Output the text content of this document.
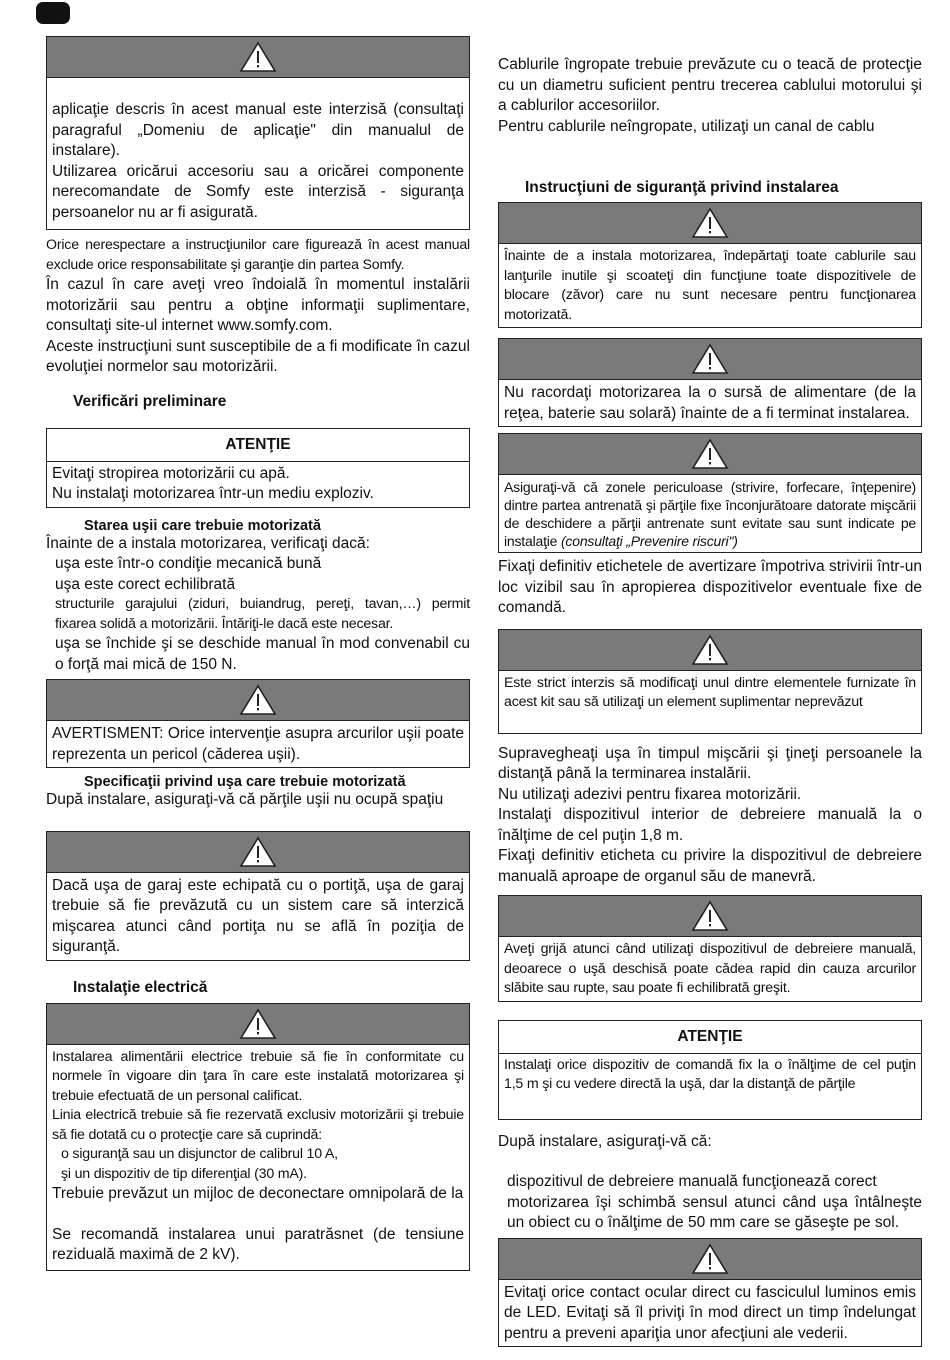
aplicaţie descris în acest manual este interzisă (consultaţi paragraful „Domeniu de aplicaţie" din manualul de instalare).

Utilizarea oricărui accesoriu sau a oricărei componente nerecomandate de Somfy este interzisă - siguranţa persoanelor nu ar fi asigurată.

Orice nerespectare a instrucţiunilor care figurează în acest manual exclude orice responsabilitate şi garanţie din partea Somfy.

În cazul în care aveţi vreo îndoială în momentul instalării motorizării sau pentru a obţine informaţii suplimentare, consultaţi site-ul internet www.somfy.com.

Aceste instrucţiuni sunt susceptibile de a fi modificate în cazul evoluţiei normelor sau motorizării.

Verificări preliminare

ATENŢIE

Evitaţi stropirea motorizării cu apă.

Nu instalaţi motorizarea într-un mediu exploziv.

Starea uşii care trebuie motorizată

Înainte de a instala motorizarea, verificaţi dacă:

uşa este într-o condiţie mecanică bună

uşa este corect echilibrată

structurile garajului (ziduri, buiandrug, pereţi, tavan,…) permit fixarea solidă a motorizării. Întăriţi-le dacă este necesar.

uşa se închide şi se deschide manual în mod convenabil cu o forţă mai mică de 150 N.

AVERTISMENT: Orice intervenţie asupra arcurilor uşii poate reprezenta un pericol (căderea uşii).

Specificaţii privind uşa care trebuie motorizată

După instalare, asiguraţi-vă că părţile uşii nu ocupă spaţiu

Dacă uşa de garaj este echipată cu o portiţă, uşa de garaj trebuie să fie prevăzută cu un sistem care să interzică mişcarea atunci când portiţa nu se află în poziţia de siguranţă.

Instalaţie electrică

Instalarea alimentării electrice trebuie să fie în conformitate cu normele în vigoare din ţara în care este instalată motorizarea şi trebuie efectuată de un personal calificat.

Linia electrică trebuie să fie rezervată exclusiv motorizării şi trebuie să fie dotată cu o protecţie care să cuprindă:

o siguranţă sau un disjunctor de calibrul 10 A,

şi un dispozitiv de tip diferenţial (30 mA).

Trebuie prevăzut un mijloc de deconectare omnipolară de la

Se recomandă instalarea unui paratrăsnet (de tensiune reziduală maximă de 2 kV).

Cablurile îngropate trebuie prevăzute cu o teacă de protecţie cu un diametru suficient pentru trecerea cablului motorului şi a cablurilor accesoriilor.

Pentru cablurile neîngropate, utilizaţi un canal de cablu

Instrucţiuni de siguranţă privind instalarea

Înainte de a instala motorizarea, îndepărtaţi toate cablurile sau lanţurile inutile şi scoateţi din funcţiune toate dispozitivele de blocare (zăvor) care nu sunt necesare pentru funcţionarea motorizată.

Nu racordaţi motorizarea la o sursă de alimentare (de la reţea, baterie sau solară) înainte de a fi terminat instalarea.

Asiguraţi-vă că zonele periculoase (strivire, forfecare, înţepenire) dintre partea antrenată şi părţile fixe înconjurătoare datorate mişcării de deschidere a părţii antrenate sunt evitate sau sunt indicate pe instalaţie (consultaţi „Prevenire riscuri")

Fixaţi definitiv etichetele de avertizare împotriva strivirii într-un loc vizibil sau în apropierea dispozitivelor eventuale fixe de comandă.

Este strict interzis să modificaţi unul dintre elementele furnizate în acest kit sau să utilizaţi un element suplimentar neprevăzut

Supravegheaţi uşa în timpul mişcării şi ţineţi persoanele la distanţă până la terminarea instalării.

Nu utilizaţi adezivi pentru fixarea motorizării.

Instalaţi dispozitivul interior de debreiere manuală la o înălţime de cel puţin 1,8 m.

Fixaţi definitiv eticheta cu privire la dispozitivul de debreiere manuală aproape de organul său de manevră.

Aveţi grijă atunci când utilizaţi dispozitivul de debreiere manuală, deoarece o uşă deschisă poate cădea rapid din cauza arcurilor slăbite sau rupte, sau poate fi echilibrată greşit.

ATENŢIE

Instalaţi orice dispozitiv de comandă fix la o înălţime de cel puţin 1,5 m şi cu vedere directă la uşă, dar la distanţă de părţile

După instalare, asiguraţi-vă că:

dispozitivul de debreiere manuală funcţionează corect

motorizarea îşi schimbă sensul atunci când uşa întâlneşte un obiect cu o înălţime de 50 mm care se găseşte pe sol.

Evitaţi orice contact ocular direct cu fasciculul luminos emis de LED. Evitaţi să îl priviţi în mod direct un timp îndelungat pentru a preveni apariţia unor afecţiuni ale vederii.
